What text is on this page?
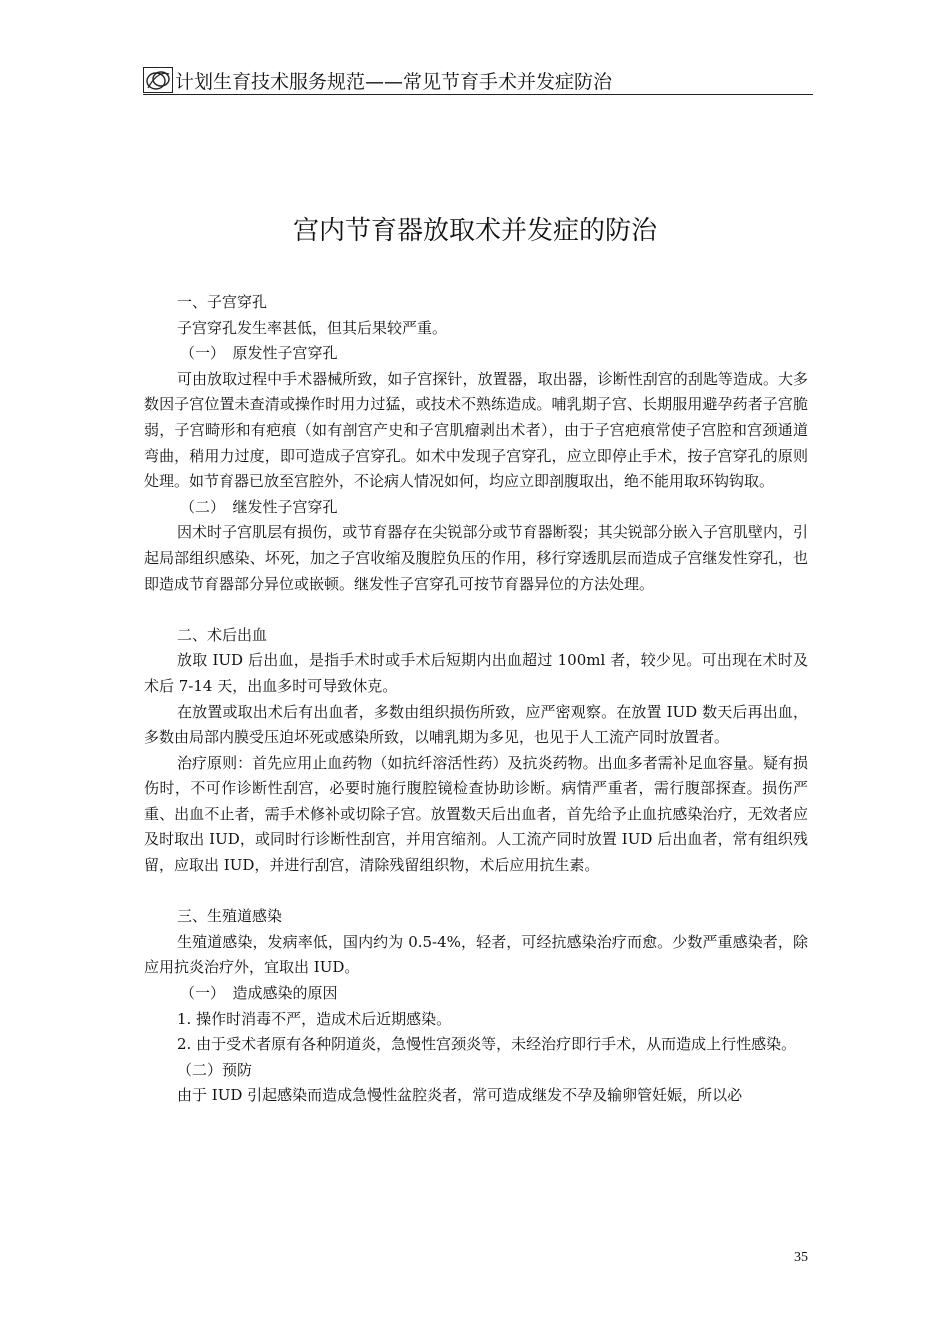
计划生育技术服务规范——常见节育手术并发症防治
宫内节育器放取术并发症的防治

一、子宫穿孔

子宫穿孔发生率甚低，但其后果较严重。

（一）　原发性子宫穿孔

可由放取过程中手术器械所致，如子宫探针，放置器，取出器，诊断性刮宫的刮匙等造成。大多数因子宫位置未查清或操作时用力过猛，或技术不熟练造成。哺乳期子宫、长期服用避孕药者子宫脆弱，子宫畸形和有疤痕（如有剖宫产史和子宫肌瘤剥出术者），由于子宫疤痕常使子宫腔和宫颈通道弯曲，稍用力过度，即可造成子宫穿孔。如术中发现子宫穿孔，应立即停止手术，按子宫穿孔的原则处理。如节育器已放至宫腔外，不论病人情况如何，均应立即剖腹取出，绝不能用取环钩钩取。

（二）　继发性子宫穿孔

因术时子宫肌层有损伤，或节育器存在尖锐部分或节育器断裂；其尖锐部分嵌入子宫肌壁内，引起局部组织感染、坏死，加之子宫收缩及腹腔负压的作用，移行穿透肌层而造成子宫继发性穿孔，也即造成节育器部分异位或嵌顿。继发性子宫穿孔可按节育器异位的方法处理。

二、术后出血

放取 IUD 后出血，是指手术时或手术后短期内出血超过 100ml 者，较少见。可出现在术时及术后 7-14 天，出血多时可导致休克。

在放置或取出术后有出血者，多数由组织损伤所致，应严密观察。在放置 IUD 数天后再出血，多数由局部内膜受压迫坏死或感染所致，以哺乳期为多见，也见于人工流产同时放置者。

治疗原则：首先应用止血药物（如抗纤溶活性药）及抗炎药物。出血多者需补足血容量。疑有损伤时，不可作诊断性刮宫，必要时施行腹腔镜检查协助诊断。病情严重者，需行腹部探查。损伤严重、出血不止者，需手术修补或切除子宫。放置数天后出血者，首先给予止血抗感染治疗，无效者应及时取出 IUD，或同时行诊断性刮宫，并用宫缩剂。人工流产同时放置 IUD 后出血者，常有组织残留，应取出 IUD，并进行刮宫，清除残留组织物，术后应用抗生素。

三、生殖道感染

生殖道感染，发病率低，国内约为 0.5-4%，轻者，可经抗感染治疗而愈。少数严重感染者，除应用抗炎治疗外，宜取出 IUD。

（一）　造成感染的原因

1. 操作时消毒不严，造成术后近期感染。

2. 由于受术者原有各种阴道炎，急慢性宫颈炎等，未经治疗即行手术，从而造成上行性感染。

（二）预防

由于 IUD 引起感染而造成急慢性盆腔炎者，常可造成继发不孕及输卵管妊娠，所以必

35
